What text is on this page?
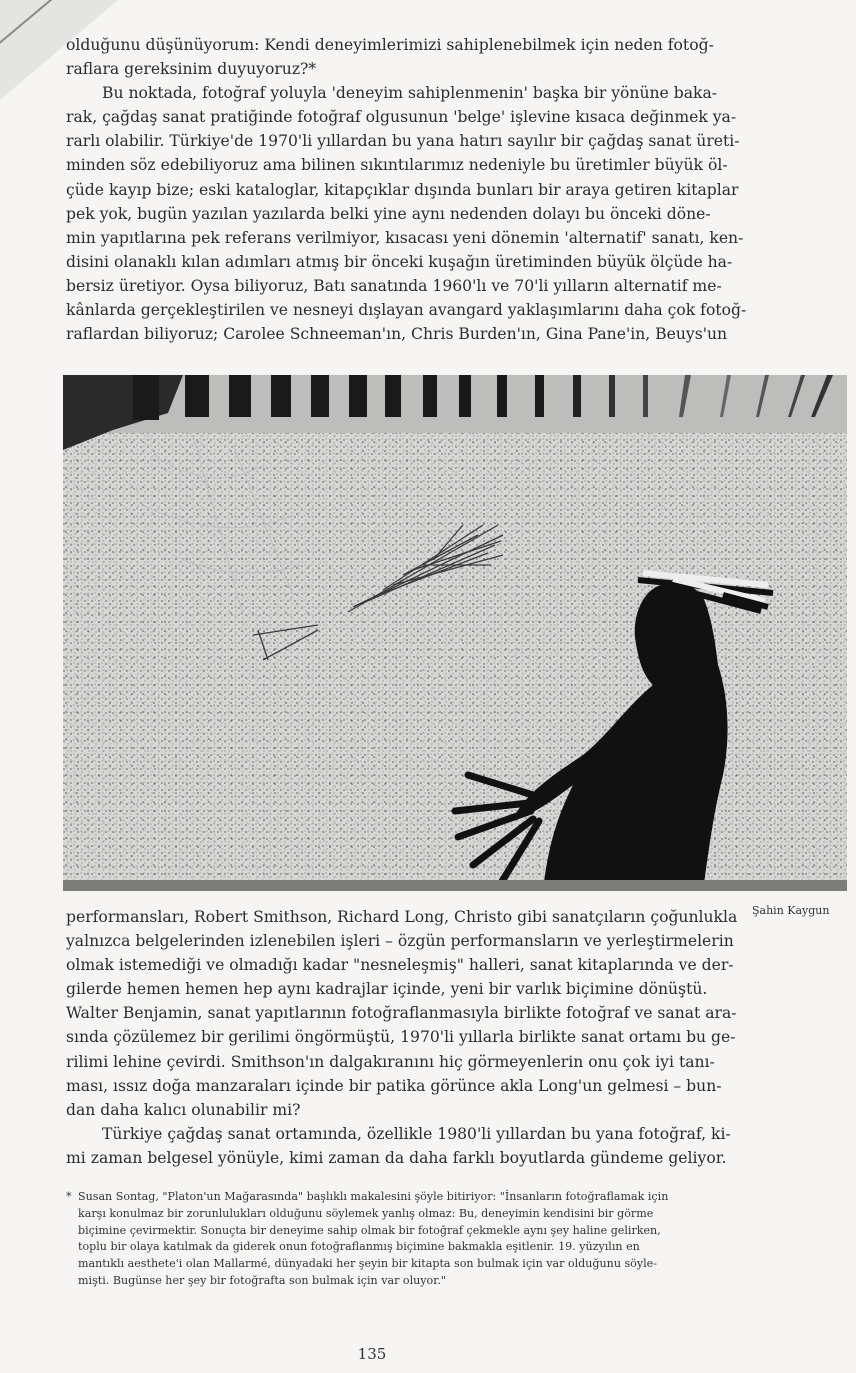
olduğunu düşünüyorum: Kendi deneyimlerimizi sahiplenebilmek için neden fotoğ-
raflara gereksinim duyuyoruz?*
Bu noktada, fotoğraf yoluyla 'deneyim sahiplenmenin' başka bir yönüne baka-
rak, çağdaş sanat pratiğinde fotoğraf olgusunun 'belge' işlevine kısaca değinmek ya-
rarlı olabilir. Türkiye'de 1970'li yıllardan bu yana hatırı sayılır bir çağdaş sanat üreti-
minden söz edebiliyoruz ama bilinen sıkıntılarımız nedeniyle bu üretimler büyük öl-
çüde kayıp bize; eski kataloglar, kitapçıklar dışında bunları bir araya getiren kitaplar
pek yok, bugün yazılan yazılarda belki yine aynı nedenden dolayı bu önceki döne-
min yapıtlarına pek referans verilmiyor, kısacası yeni dönemin 'alternatif' sanatı, ken-
disini olanaklı kılan adımları atmış bir önceki kuşağın üretiminden büyük ölçüde ha-
bersiz üretiyor. Oysa biliyoruz, Batı sanatında 1960'lı ve 70'li yılların alternatif me-
kânlarda gerçekleştirilen ve nesneyi dışlayan avangard yaklaşımlarını daha çok fotoğ-
raflardan biliyoruz; Carolee Schneeman'ın, Chris Burden'ın, Gina Pane'in, Beuys'un
Şahin Kaygun
performansları, Robert Smithson, Richard Long, Christo gibi sanatçıların çoğunlukla
yalnızca belgelerinden izlenebilen işleri – özgün performansların ve yerleştirmelerin
olmak istemediği ve olmadığı kadar "nesneleşmiş" halleri, sanat kitaplarında ve der-
gilerde hemen hemen hep aynı kadrajlar içinde, yeni bir varlık biçimine dönüştü.
Walter Benjamin, sanat yapıtlarının fotoğraflanmasıyla birlikte fotoğraf ve sanat ara-
sında çözülemez bir gerilimi öngörmüştü, 1970'li yıllarla birlikte sanat ortamı bu ge-
rilimi lehine çevirdi. Smithson'ın dalgakıranını hiç görmeyenlerin onu çok iyi tanı-
ması, ıssız doğa manzaraları içinde bir patika görünce akla Long'un gelmesi – bun-
dan daha kalıcı olunabilir mi?
Türkiye çağdaş sanat ortamında, özellikle 1980'li yıllardan bu yana fotoğraf, ki-
mi zaman belgesel yönüyle, kimi zaman da daha farklı boyutlarda gündeme geliyor.
* Susan Sontag, "Platon'un Mağarasında" başlıklı makalesini şöyle bitiriyor: "İnsanların fotoğraflamak için
karşı konulmaz bir zorunlulukları olduğunu söylemek yanlış olmaz: Bu, deneyimin kendisini bir görme
biçimine çevirmektir. Sonuçta bir deneyime sahip olmak bir fotoğraf çekmekle aynı şey haline gelirken,
toplu bir olaya katılmak da giderek onun fotoğraflanmış biçimine bakmakla eşitlenir. 19. yüzyılın en
mantıklı aesthete'i olan Mallarmé, dünyadaki her şeyin bir kitapta son bulmak için var olduğunu söyle-
mişti. Bugünse her şey bir fotoğrafta son bulmak için var oluyor."
135
